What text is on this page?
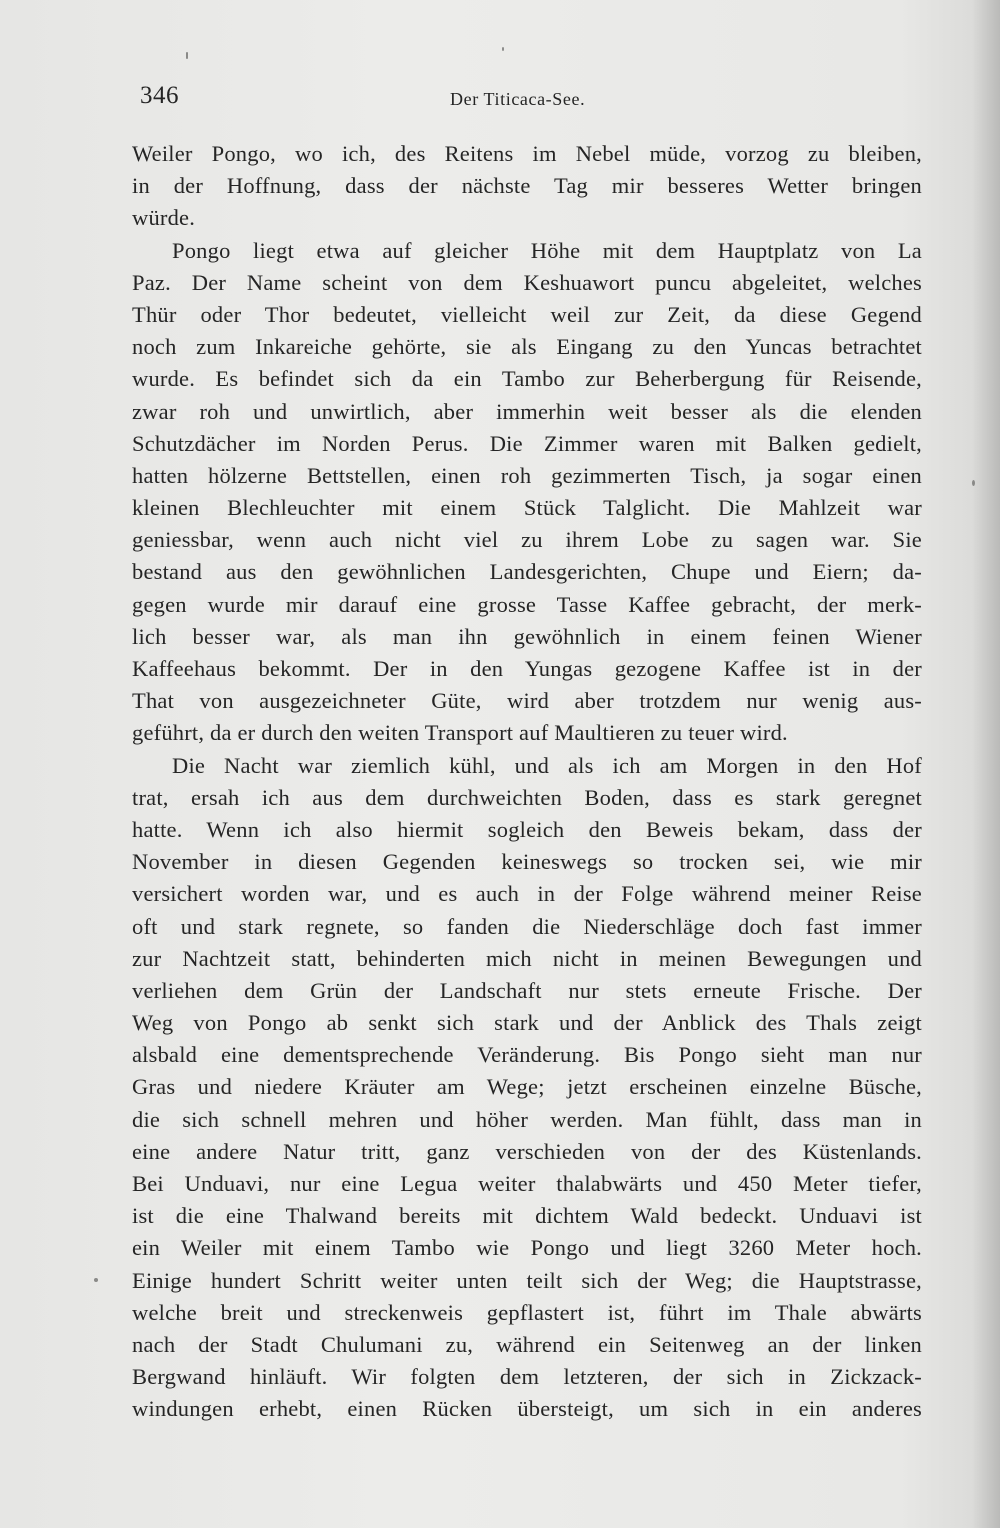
346	Der Titicaca-See.
Weiler Pongo, wo ich, des Reitens im Nebel müde, vorzog zu bleiben,
in der Hoffnung, dass der nächste Tag mir besseres Wetter bringen
würde.
Pongo liegt etwa auf gleicher Höhe mit dem Hauptplatz von La
Paz. Der Name scheint von dem Keshuawort puncu abgeleitet, welches
Thür oder Thor bedeutet, vielleicht weil zur Zeit, da diese Gegend
noch zum Inkareiche gehörte, sie als Eingang zu den Yuncas betrachtet
wurde. Es befindet sich da ein Tambo zur Beherbergung für Reisende,
zwar roh und unwirtlich, aber immerhin weit besser als die elenden
Schutzdächer im Norden Perus. Die Zimmer waren mit Balken gedielt,
hatten hölzerne Bettstellen, einen roh gezimmerten Tisch, ja sogar einen
kleinen Blechleuchter mit einem Stück Talglicht. Die Mahlzeit war
geniessbar, wenn auch nicht viel zu ihrem Lobe zu sagen war. Sie
bestand aus den gewöhnlichen Landesgerichten, Chupe und Eiern; da-
gegen wurde mir darauf eine grosse Tasse Kaffee gebracht, der merk-
lich besser war, als man ihn gewöhnlich in einem feinen Wiener
Kaffeehaus bekommt. Der in den Yungas gezogene Kaffee ist in der
That von ausgezeichneter Güte, wird aber trotzdem nur wenig aus-
geführt, da er durch den weiten Transport auf Maultieren zu teuer wird.
Die Nacht war ziemlich kühl, und als ich am Morgen in den Hof
trat, ersah ich aus dem durchweichten Boden, dass es stark geregnet
hatte. Wenn ich also hiermit sogleich den Beweis bekam, dass der
November in diesen Gegenden keineswegs so trocken sei, wie mir
versichert worden war, und es auch in der Folge während meiner Reise
oft und stark regnete, so fanden die Niederschläge doch fast immer
zur Nachtzeit statt, behinderten mich nicht in meinen Bewegungen und
verliehen dem Grün der Landschaft nur stets erneute Frische. Der
Weg von Pongo ab senkt sich stark und der Anblick des Thals zeigt
alsbald eine dementsprechende Veränderung. Bis Pongo sieht man nur
Gras und niedere Kräuter am Wege; jetzt erscheinen einzelne Büsche,
die sich schnell mehren und höher werden. Man fühlt, dass man in
eine andere Natur tritt, ganz verschieden von der des Küstenlands.
Bei Unduavi, nur eine Legua weiter thalabwärts und 450 Meter tiefer,
ist die eine Thalwand bereits mit dichtem Wald bedeckt. Unduavi ist
ein Weiler mit einem Tambo wie Pongo und liegt 3260 Meter hoch.
Einige hundert Schritt weiter unten teilt sich der Weg; die Hauptstrasse,
welche breit und streckenweis gepflastert ist, führt im Thale abwärts
nach der Stadt Chulumani zu, während ein Seitenweg an der linken
Bergwand hinläuft. Wir folgten dem letzteren, der sich in Zickzack-
windungen erhebt, einen Rücken übersteigt, um sich in ein anderes
